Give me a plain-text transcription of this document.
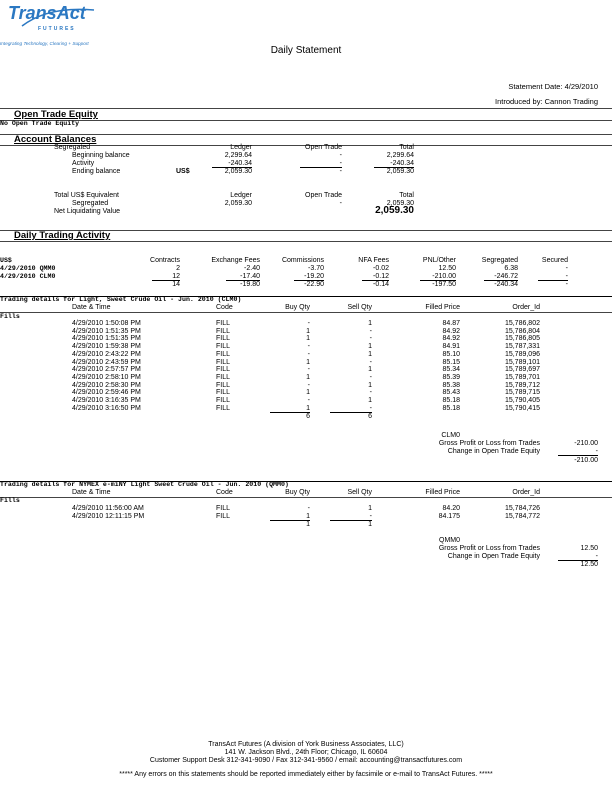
TransAct
FUTURES
Integrating Technology, Clearing + Support
Daily Statement
Statement Date: 4/29/2010
Introduced by: Cannon Trading
Open Trade Equity
No Open Trade Equity
Account Balances
Segregated	Ledger	Open Trade	Total
Beginning balance	2,299.64	-	2,299.64
Activity	-240.34	-	-240.34
Ending balance	US$	2,059.30	-	2,059.30
Total US$ Equivalent	Ledger	Open Trade	Total
Segregated	2,059.30	-	2,059.30
Net Liquidating Value	2,059.30
Daily Trading Activity
US$	Contracts	Exchange Fees	Commissions	NFA Fees	PNL/Other	Segregated	Secured
4/29/2010 QMM0	2	-2.40	-3.70	-0.02	12.50	6.38	-
4/29/2010 CLM0	12	-17.40	-19.20	-0.12	-210.00	-246.72	-
14	-19.80	-22.90	-0.14	-197.50	-240.34	-
Trading details for Light, Sweet Crude Oil - Jun. 2010 (CLM0)
Date & Time	Code	Buy Qty	Sell Qty	Filled Price	Order_Id
Fills
4/29/2010 1:50:08 PM	FILL	-	1	84.87	15,786,802
4/29/2010 1:51:35 PM	FILL	1	-	84.92	15,786,804
4/29/2010 1:51:35 PM	FILL	1	-	84.92	15,786,805
4/29/2010 1:59:38 PM	FILL	-	1	84.91	15,787,331
4/29/2010 2:43:22 PM	FILL	-	1	85.10	15,789,096
4/29/2010 2:43:59 PM	FILL	1	-	85.15	15,789,101
4/29/2010 2:57:57 PM	FILL	-	1	85.34	15,789,697
4/29/2010 2:58:10 PM	FILL	1	-	85.39	15,789,701
4/29/2010 2:58:30 PM	FILL	-	1	85.38	15,789,712
4/29/2010 2:59:46 PM	FILL	1	-	85.43	15,789,715
4/29/2010 3:16:35 PM	FILL	-	1	85.18	15,790,405
4/29/2010 3:16:50 PM	FILL	1	-	85.18	15,790,415
6	6
CLM0
Gross Profit or Loss from Trades	-210.00
Change in Open Trade Equity	-
-210.00
Trading details for NYMEX e-miNY Light Sweet Crude Oil - Jun. 2010 (QMM0)
Date & Time	Code	Buy Qty	Sell Qty	Filled Price	Order_Id
Fills
4/29/2010 11:56:00 AM	FILL	-	1	84.20	15,784,726
4/29/2010 12:11:15 PM	FILL	1	-	84.175	15,784,772
1	1
QMM0
Gross Profit or Loss from Trades	12.50
Change in Open Trade Equity	-
12.50
TransAct Futures (A division of York Business Associates, LLC)
141 W. Jackson Blvd., 24th Floor; Chicago, IL 60604
Customer Support Desk 312-341-9090 / Fax 312-341-9560 / email: accounting@transactfutures.com
***** Any errors on this statements should be reported immediately either by facsimile or e-mail to TransAct Futures. *****
